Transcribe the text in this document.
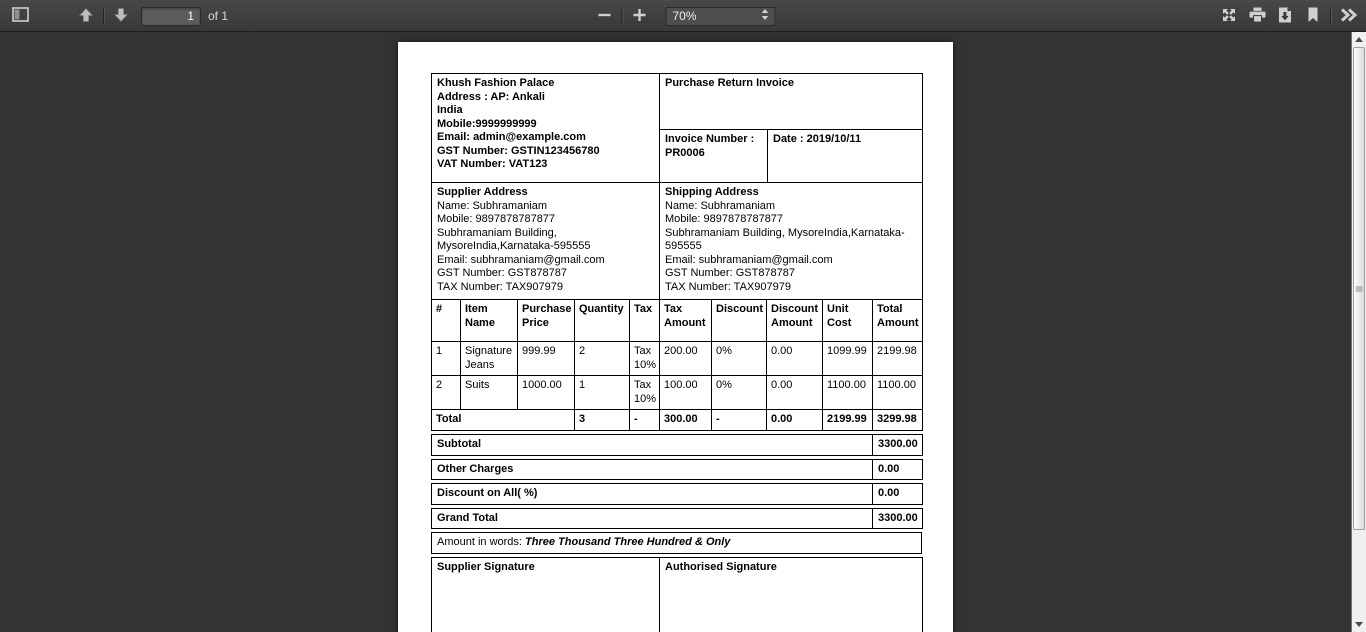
1
of 1	70%
Khush Fashion Palace
Address : AP: Ankali
India
Mobile:9999999999
Email: admin@example.com
GST Number: GSTIN123456780
VAT Number: VAT123
	Purchase Return Invoice
	Invoice Number : PR0006	Date : 2019/10/11
Supplier Address
Name: Subhramaniam
Mobile: 9897878787877
Subhramaniam Building,
MysoreIndia,Karnataka-595555
Email: subhramaniam@gmail.com
GST Number: GST878787
TAX Number: TAX907979

Shipping Address
Name: Subhramaniam
Mobile: 9897878787877
Subhramaniam Building, MysoreIndia,Karnataka-
595555
Email: subhramaniam@gmail.com
GST Number: GST878787
TAX Number: TAX907979
#	Item Name	Purchase Price	Quantity	Tax	Tax Amount	Discount	Discount Amount	Unit Cost	Total Amount
1	Signature Jeans	999.99	2	Tax 10%	200.00	0%	0.00	1099.99	2199.98
2	Suits	1000.00	1	Tax 10%	100.00	0%	0.00	1100.00	1100.00
Total			3	-	300.00	-	0.00	2199.99	3299.98
Subtotal	3300.00
Other Charges	0.00
Discount on All( %)	0.00
Grand Total	3300.00
Amount in words: Three Thousand Three Hundred & Only
Supplier Signature	Authorised Signature
